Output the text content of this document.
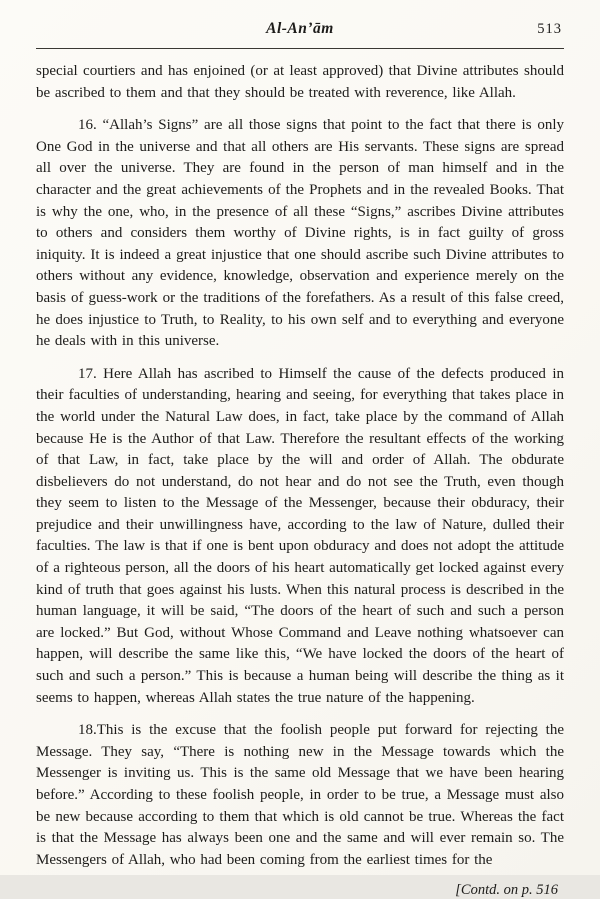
Al-An’ām	513

special courtiers and has enjoined (or at least approved) that Divine attributes should be ascribed to them and that they should be treated with reverence, like Allah.

16. “Allah’s Signs” are all those signs that point to the fact that there is only One God in the universe and that all others are His servants. These signs are spread all over the universe. They are found in the person of man himself and in the character and the great achievements of the Prophets and in the revealed Books. That is why the one, who, in the presence of all these “Signs,” ascribes Divine attributes to others and considers them worthy of Divine rights, is in fact guilty of gross iniquity. It is indeed a great injustice that one should ascribe such Divine attributes to others without any evidence, knowledge, observation and experience merely on the basis of guess-work or the traditions of the forefathers. As a result of this false creed, he does injustice to Truth, to Reality, to his own self and to everything and everyone he deals with in this universe.

17. Here Allah has ascribed to Himself the cause of the defects produced in their faculties of understanding, hearing and seeing, for everything that takes place in the world under the Natural Law does, in fact, take place by the command of Allah because He is the Author of that Law. Therefore the resultant effects of the working of that Law, in fact, take place by the will and order of Allah. The obdurate disbelievers do not understand, do not hear and do not see the Truth, even though they seem to listen to the Message of the Messenger, because their obduracy, their prejudice and their unwillingness have, according to the law of Nature, dulled their faculties. The law is that if one is bent upon obduracy and does not adopt the attitude of a righteous person, all the doors of his heart automatically get locked against every kind of truth that goes against his lusts. When this natural process is described in the human language, it will be said, “The doors of the heart of such and such a person are locked.” But God, without Whose Command and Leave nothing whatsoever can happen, will describe the same like this, “We have locked the doors of the heart of such and such a person.” This is because a human being will describe the thing as it seems to happen, whereas Allah states the true nature of the happening.

18.This is the excuse that the foolish people put forward for rejecting the Message. They say, “There is nothing new in the Message towards which the Messenger is inviting us. This is the same old Message that we have been hearing before.” According to these foolish people, in order to be true, a Message must also be new because according to them that which is old cannot be true. Whereas the fact is that the Message has always been one and the same and will ever remain so. The Messengers of Allah, who had been coming from the earliest times for the

[Contd. on p. 516
